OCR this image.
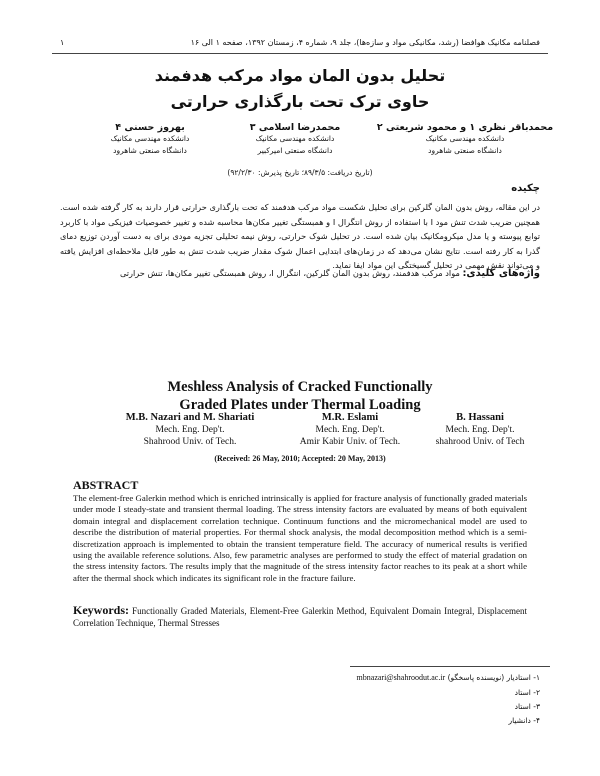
فصلنامه مکانیک هوافضا (رشد، مکانیکی مواد و سازه‌ها)، جلد ۹، شماره ۴، زمستان ۱۳۹۲، صفحه ۱ الی ۱۶
۱
تحلیل بدون المان مواد مرکب هدفمند
حاوی ترک تحت بارگذاری حرارتی
محمدباقر نظری ۱ و محمود شریعتی ۲
دانشکده مهندسی مکانیک
دانشگاه صنعتی شاهرود
محمدرضا اسلامی ۳
دانشکده مهندسی مکانیک
دانشگاه صنعتی امیرکبیر
بهروز حسنی ۴
دانشکده مهندسی مکانیک
دانشگاه صنعتی شاهرود
(تاریخ دریافت: ۸۹/۳/۵؛ تاریخ پذیرش: ۹۲/۲/۳۰)
چکیده
در این مقاله، روش بدون المان گلرکین برای تحلیل شکست مواد مرکب هدفمند که تحت بارگذاری حرارتی قرار دارند به کار گرفته شده است. همچنین ضریب شدت تنش مود I با استفاده از روش انتگرال I و همبستگی تغییر مکان‌ها محاسبه شده و تغییر خصوصیات فیزیکی مواد با کاربرد توابع پیوسته و یا مدل میکرومکانیک بیان شده است. در تحلیل شوک حرارتی، روش نیمه تحلیلی تجزیه مودی برای به دست آوردن توزیع دمای گذرا به کار رفته است. نتایج نشان می‌دهد که در زمان‌های ابتدایی اعمال شوک مقدار ضریب شدت تنش به طور قابل ملاحظه‌ای افزایش یافته و می‌تواند نقش مهمی در تحلیل گسیختگی این مواد ایفا نماید.
واژه‌های کلیدی: مواد مرکب هدفمند، روش بدون المان گلرکین، انتگرال I، روش همبستگی تغییر مکان‌ها، تنش حرارتی
Meshless Analysis of Cracked Functionally
Graded Plates under Thermal Loading
M.B. Nazari and M. Shariati
Mech. Eng. Dep't.
Shahrood Univ. of Tech.
M.R. Eslami
Mech. Eng. Dep't.
Amir Kabir Univ. of Tech.
B. Hassani
Mech. Eng. Dep't.
shahrood Univ. of Tech
(Received: 26 May, 2010; Accepted: 20 May, 2013)
ABSTRACT
The element-free Galerkin method which is enriched intrinsically is applied for fracture analysis of functionally graded materials under mode I steady-state and transient thermal loading. The stress intensity factors are evaluated by means of both equivalent domain integral and displacement correlation technique. Continuum functions and the micromechanical model are used to describe the distribution of material properties. For thermal shock analysis, the modal decomposition method which is a semi-discretization approach is implemented to obtain the transient temperature field. The accuracy of numerical results is verified using the available reference solutions. Also, few parametric analyses are performed to study the effect of material gradation on the stress intensity factors. The results imply that the magnitude of the stress intensity factor reaches to its peak at a short while after the thermal shock which indicates its significant role in the fracture failure.
Keywords: Functionally Graded Materials, Element-Free Galerkin Method, Equivalent Domain Integral, Displacement Correlation Technique, Thermal Stresses
۱- استادیار (نویسنده پاسخگو) mbnazari@shahroodut.ac.ir
۲- استاد
۳- استاد
۴- دانشیار
